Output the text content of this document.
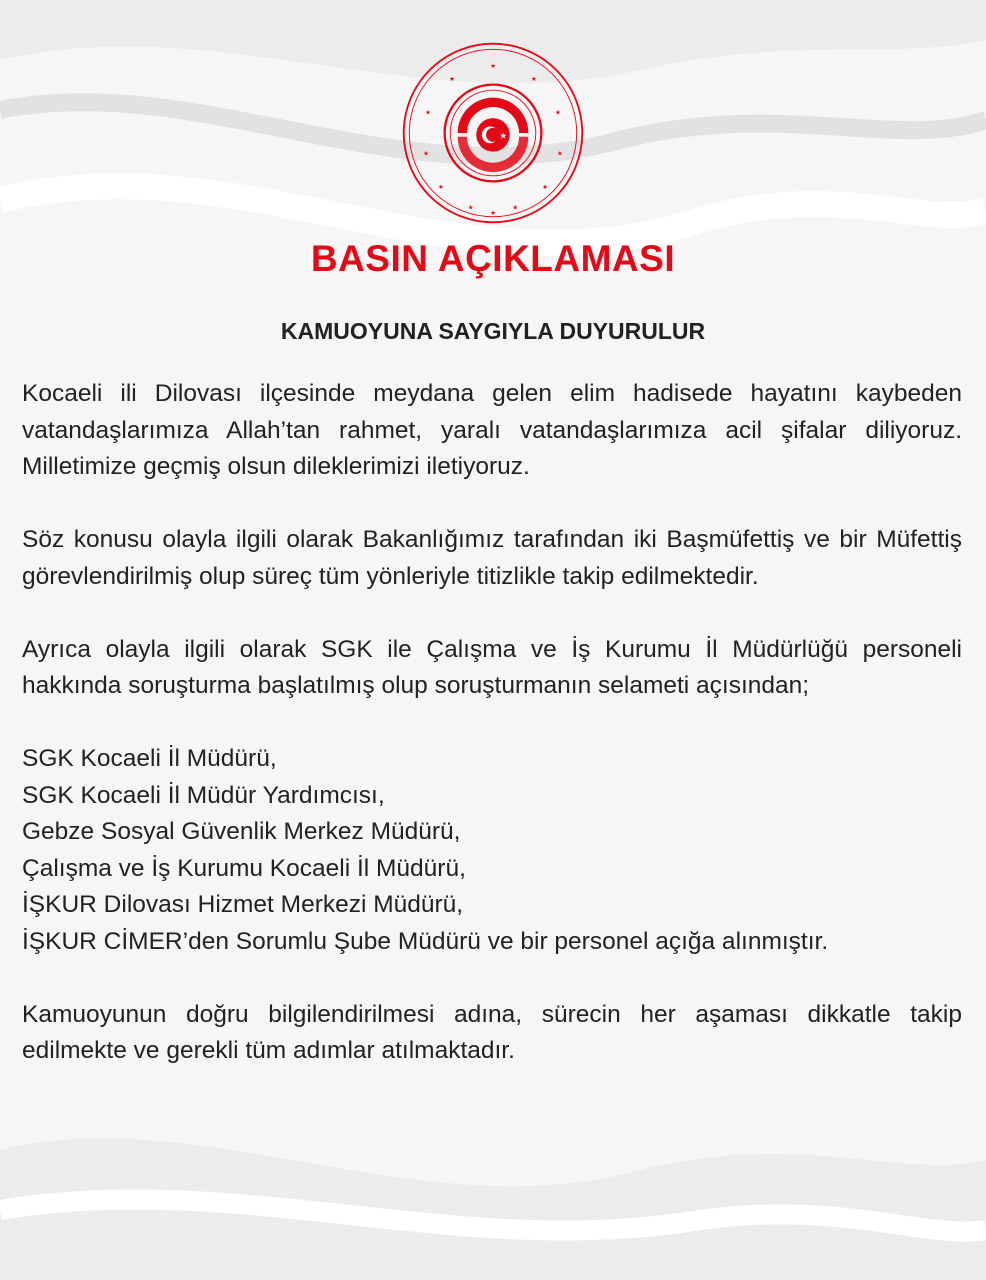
★
★	★
★	★
★	★
★	★
★	★
★
★
BASIN AÇIKLAMASI
KAMUOYUNA SAYGIYLA DUYURULUR

Kocaeli ili Dilovası ilçesinde meydana gelen elim hadisede hayatını kaybeden vatandaşlarımıza Allah’tan rahmet, yaralı vatandaşlarımıza acil şifalar diliyoruz. Milletimize geçmiş olsun dileklerimizi iletiyoruz.

Söz konusu olayla ilgili olarak Bakanlığımız tarafından iki Başmüfettiş ve bir Müfettiş görevlendirilmiş olup süreç tüm yönleriyle titizlikle takip edilmektedir.

Ayrıca olayla ilgili olarak SGK ile Çalışma ve İş Kurumu İl Müdürlüğü personeli hakkında soruşturma başlatılmış olup soruşturmanın selameti açısından;

SGK Kocaeli İl Müdürü,
SGK Kocaeli İl Müdür Yardımcısı,
Gebze Sosyal Güvenlik Merkez Müdürü,
Çalışma ve İş Kurumu Kocaeli İl Müdürü,
İŞKUR Dilovası Hizmet Merkezi Müdürü,
İŞKUR CİMER’den Sorumlu Şube Müdürü ve bir personel açığa alınmıştır.

Kamuoyunun doğru bilgilendirilmesi adına, sürecin her aşaması dikkatle takip edilmekte ve gerekli tüm adımlar atılmaktadır.
